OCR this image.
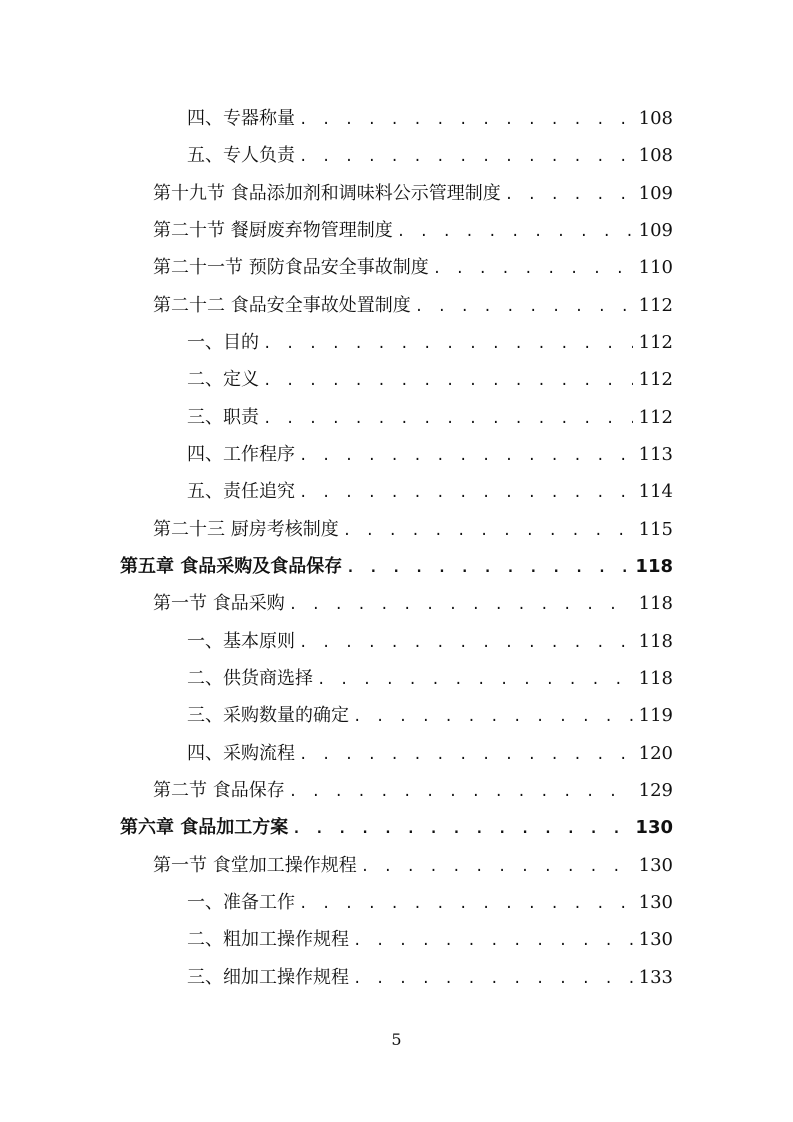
四、专器称量 . . .	108
五、专人负责 . . .	108
第十九节 食品添加剂和调味料公示管理制度 . . .	109
第二十节 餐厨废弃物管理制度 . . .	109
第二十一节 预防食品安全事故制度 . . .	110
第二十二 食品安全事故处置制度 . . .	112
一、目的 . . .	112
二、定义 . . .	112
三、职责 . . .	112
四、工作程序 . . .	113
五、责任追究 . . .	114
第二十三 厨房考核制度 . . .	115
第五章 食品采购及食品保存 . . .	118
第一节 食品采购 . . .	118
一、基本原则 . . .	118
二、供货商选择 . . .	118
三、采购数量的确定 . . .	119
四、采购流程 . . .	120
第二节 食品保存 . . .	129
第六章 食品加工方案 . . .	130
第一节 食堂加工操作规程 . . .	130
一、准备工作 . . .	130
二、粗加工操作规程 . . .	130
三、细加工操作规程 . . .	133
5
